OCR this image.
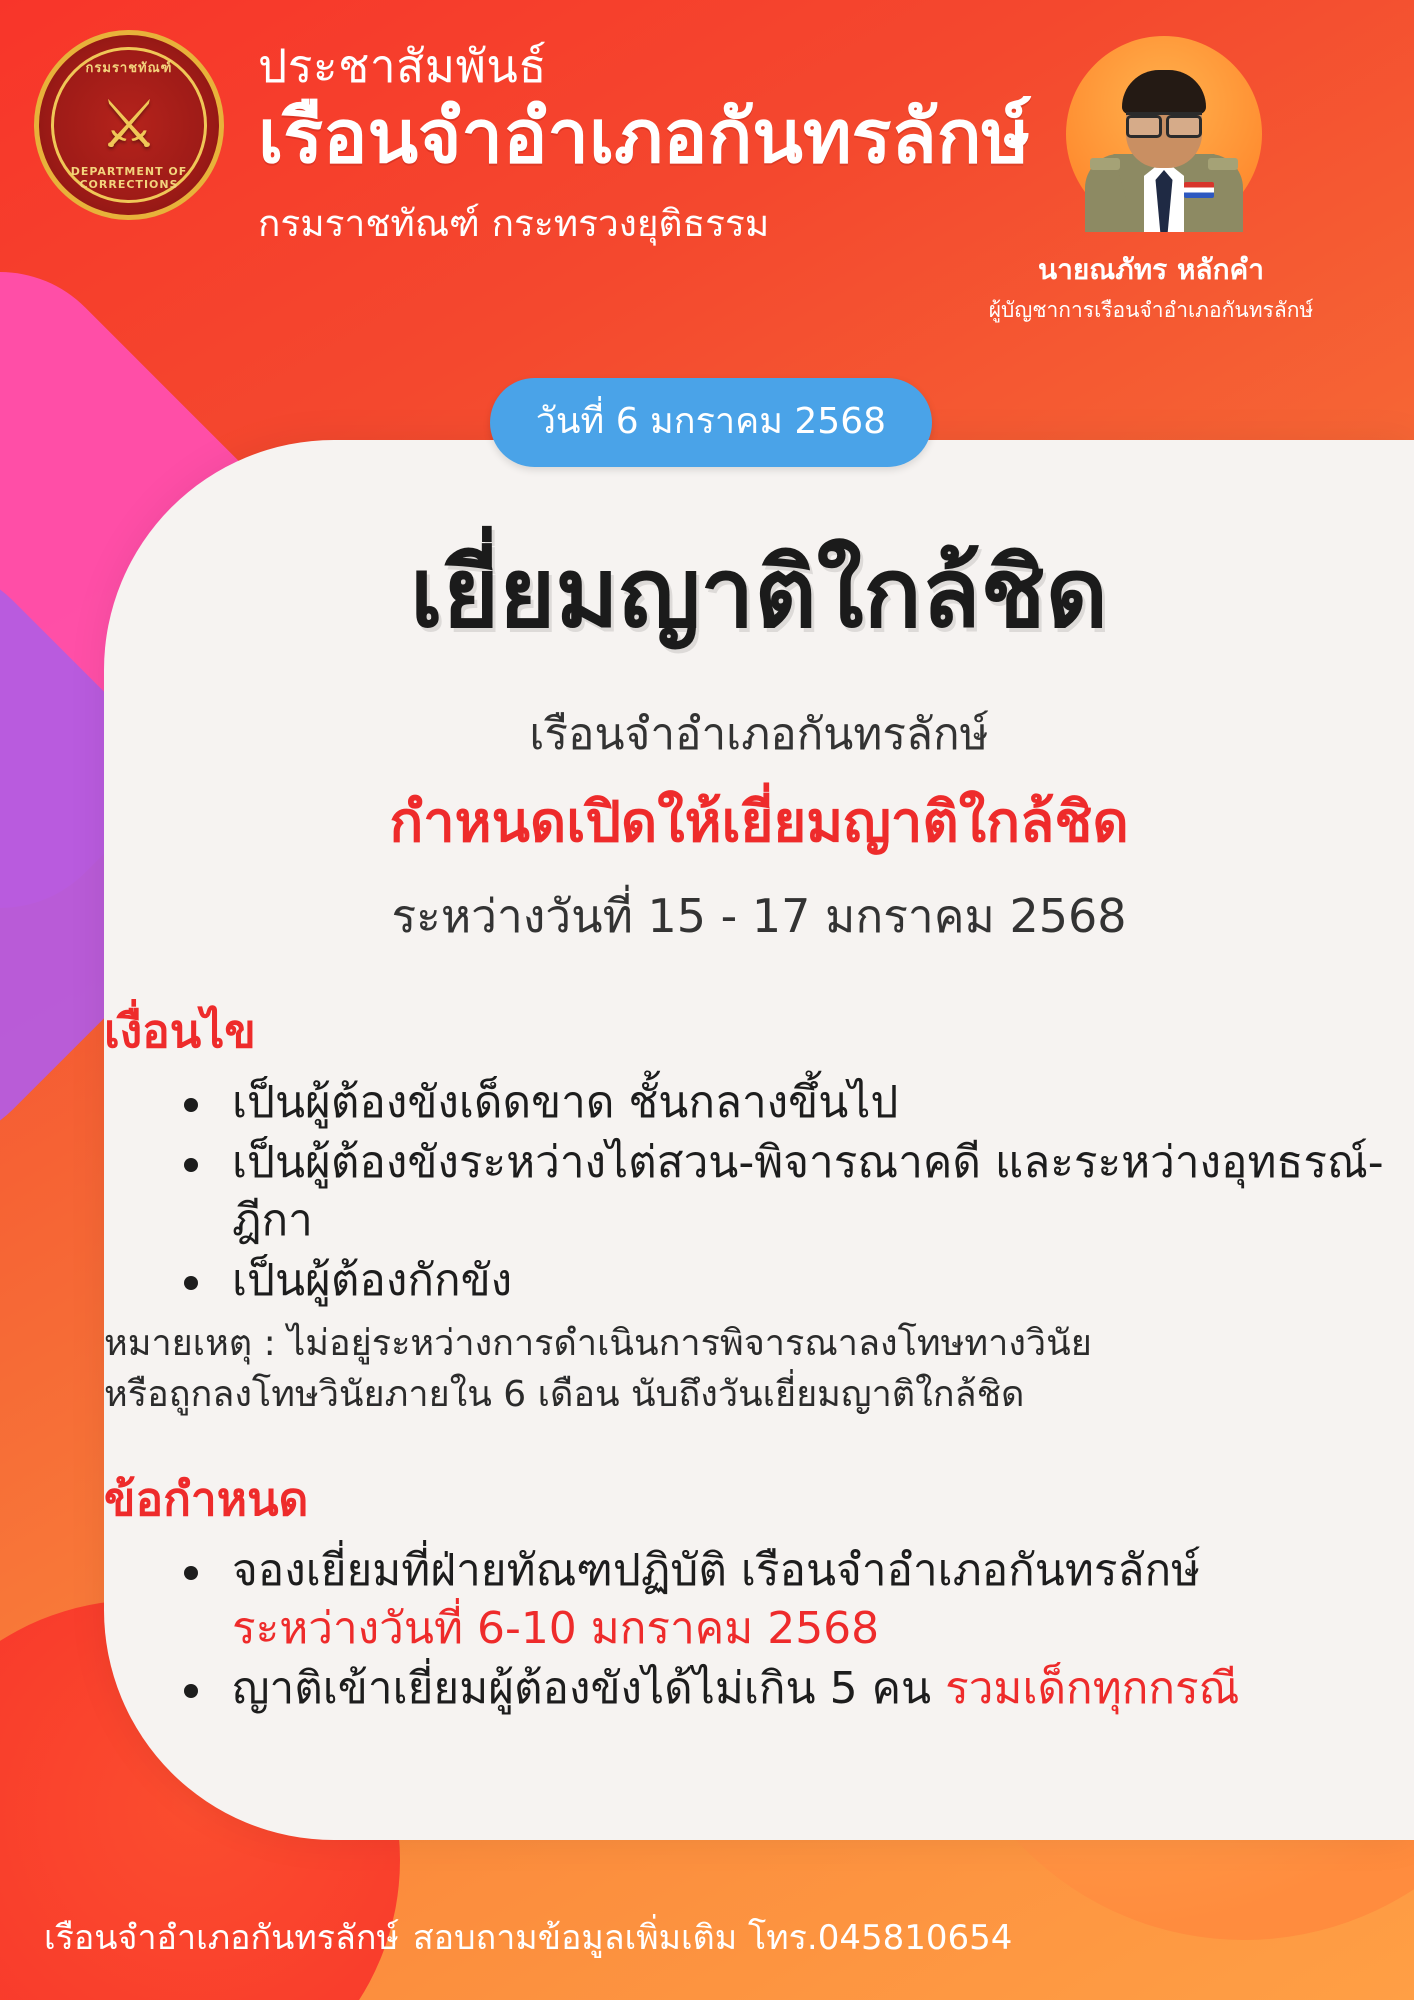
กรมราชทัณฑ์
⚔
DEPARTMENT OF CORRECTIONS
ประชาสัมพันธ์
เรือนจำอำเภอกันทรลักษ์
กรมราชทัณฑ์ กระทรวงยุติธรรม
นายณภัทร หลักคำ
ผู้บัญชาการเรือนจำอำเภอกันทรลักษ์
วันที่ 6 มกราคม 2568
เยี่ยมญาติใกล้ชิด
เรือนจำอำเภอกันทรลักษ์
กำหนดเปิดให้เยี่ยมญาติใกล้ชิด
ระหว่างวันที่ 15 - 17 มกราคม 2568
เงื่อนไข
เป็นผู้ต้องขังเด็ดขาด ชั้นกลางขึ้นไป
เป็นผู้ต้องขังระหว่างไต่สวน-พิจารณาคดี และระหว่างอุทธรณ์-ฎีกา
เป็นผู้ต้องกักขัง
หมายเหตุ : ไม่อยู่ระหว่างการดำเนินการพิจารณาลงโทษทางวินัย
หรือถูกลงโทษวินัยภายใน 6 เดือน นับถึงวันเยี่ยมญาติใกล้ชิด
ข้อกำหนด
จองเยี่ยมที่ฝ่ายทัณฑปฏิบัติ เรือนจำอำเภอกันทรลักษ์
ระหว่างวันที่ 6-10 มกราคม 2568
ญาติเข้าเยี่ยมผู้ต้องขังได้ไม่เกิน 5 คน รวมเด็กทุกกรณี
เรือนจำอำเภอกันทรลักษ์ สอบถามข้อมูลเพิ่มเติม โทร.045810654
